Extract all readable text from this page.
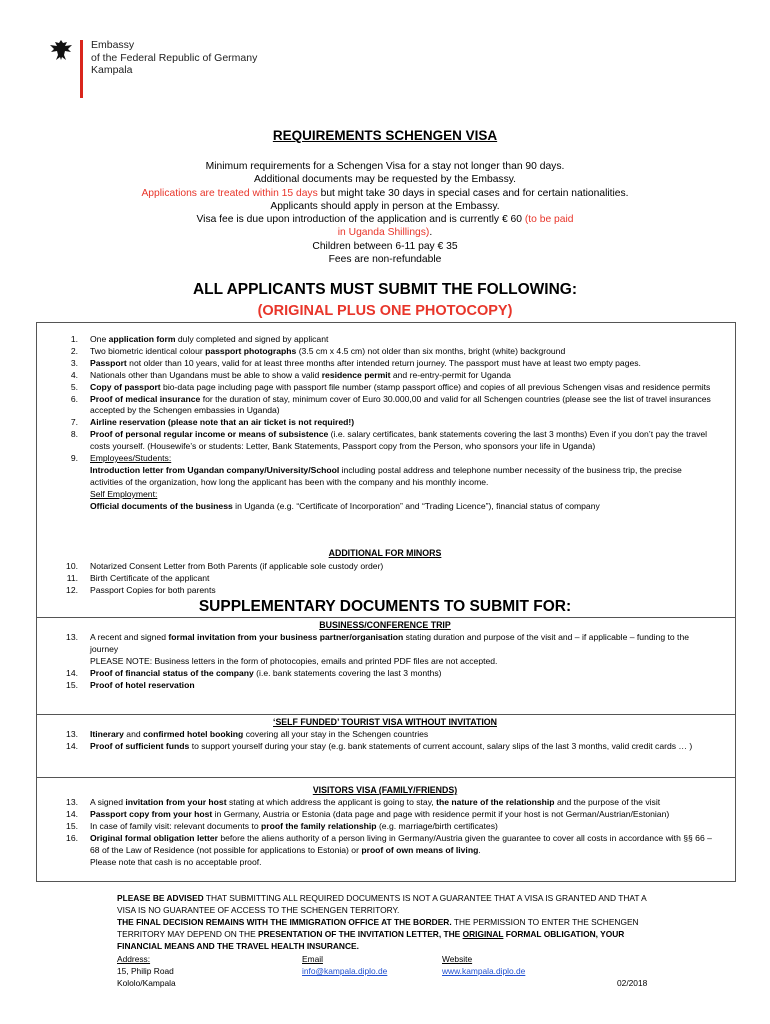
Embassy
of the Federal Republic of Germany
Kampala
REQUIREMENTS SCHENGEN VISA
Minimum requirements for a Schengen Visa for a stay not longer than 90 days.
Additional documents may be requested by the Embassy.
Applications are treated within 15 days but might take 30 days in special cases and for certain nationalities.
Applicants should apply in person at the Embassy.
Visa fee is due upon introduction of the application and is currently € 60 (to be paid
in Uganda Shillings).
Children between 6-11 pay € 35
Fees are non-refundable
ALL APPLICANTS MUST SUBMIT THE FOLLOWING:
(ORIGINAL PLUS ONE PHOTOCOPY)
1. One application form duly completed and signed by applicant
2. Two biometric identical colour passport photographs (3.5 cm x 4.5 cm) not older than six months, bright (white) background
3. Passport not older than 10 years, valid for at least three months after intended return journey. The passport must have at least two empty pages.
4. Nationals other than Ugandans must be able to show a valid residence permit and re-entry-permit for Uganda
5. Copy of passport bio-data page including page with passport file number (stamp passport office) and copies of all previous Schengen visas and residence permits
6. Proof of medical insurance for the duration of stay, minimum cover of Euro 30.000,00 and valid for all Schengen countries (please see the list of travel insurances accepted by the Schengen embassies in Uganda)
7. Airline reservation (please note that an air ticket is not required!)
8. Proof of personal regular income or means of subsistence (i.e. salary certificates, bank statements covering the last 3 months) Even if you don’t pay the travel costs yourself. (Housewife’s or students: Letter, Bank Statements, Passport copy from the Person, who sponsors your life in Uganda)
9. Employees/Students:
Introduction letter from Ugandan company/University/School including postal address and telephone number necessity of the business trip, the precise activities of the organization, how long the applicant has been with the company and his monthly income.
Self Employment:
Official documents of the business in Uganda (e.g. “Certificate of Incorporation” and “Trading Licence”), financial status of company
ADDITIONAL FOR MINORS
10. Notarized Consent Letter from Both Parents (if applicable sole custody order)
11. Birth Certificate of the applicant
12. Passport Copies for both parents
SUPPLEMENTARY DOCUMENTS TO SUBMIT FOR:
BUSINESS/CONFERENCE TRIP
13. A recent and signed formal invitation from your business partner/organisation stating duration and purpose of the visit and – if applicable – funding to the journey
PLEASE NOTE: Business letters in the form of photocopies, emails and printed PDF files are not accepted.
14. Proof of financial status of the company (i.e. bank statements covering the last 3 months)
15. Proof of hotel reservation
‘SELF FUNDED’ TOURIST VISA WITHOUT INVITATION
13. Itinerary and confirmed hotel booking covering all your stay in the Schengen countries
14. Proof of sufficient funds to support yourself during your stay (e.g. bank statements of current account, salary slips of the last 3 months, valid credit cards … )
VISITORS VISA (FAMILY/FRIENDS)
13. A signed invitation from your host stating at which address the applicant is going to stay, the nature of the relationship and the purpose of the visit
14. Passport copy from your host in Germany, Austria or Estonia (data page and page with residence permit if your host is not German/Austrian/Estonian)
15. In case of family visit: relevant documents to proof the family relationship (e.g. marriage/birth certificates)
16. Original formal obligation letter before the aliens authority of a person living in Germany/Austria given the guarantee to cover all costs in accordance with §§ 66 – 68 of the Law of Residence (not possible for applications to Estonia) or proof of own means of living.
Please note that cash is no acceptable proof.
PLEASE BE ADVISED THAT SUBMITTING ALL REQUIRED DOCUMENTS IS NOT A GUARANTEE THAT A VISA IS GRANTED AND THAT A VISA IS NO GUARANTEE OF ACCESS TO THE SCHENGEN TERRITORY.
THE FINAL DECISION REMAINS WITH THE IMMIGRATION OFFICE AT THE BORDER. THE PERMISSION TO ENTER THE SCHENGEN TERRITORY MAY DEPEND ON THE PRESENTATION OF THE INVITATION LETTER, THE ORIGINAL FORMAL OBLIGATION, YOUR FINANCIAL MEANS AND THE TRAVEL HEALTH INSURANCE.
Address:
15, Philip Road
Kololo/Kampala
Email
info@kampala.diplo.de
Website
www.kampala.diplo.de
02/2018
